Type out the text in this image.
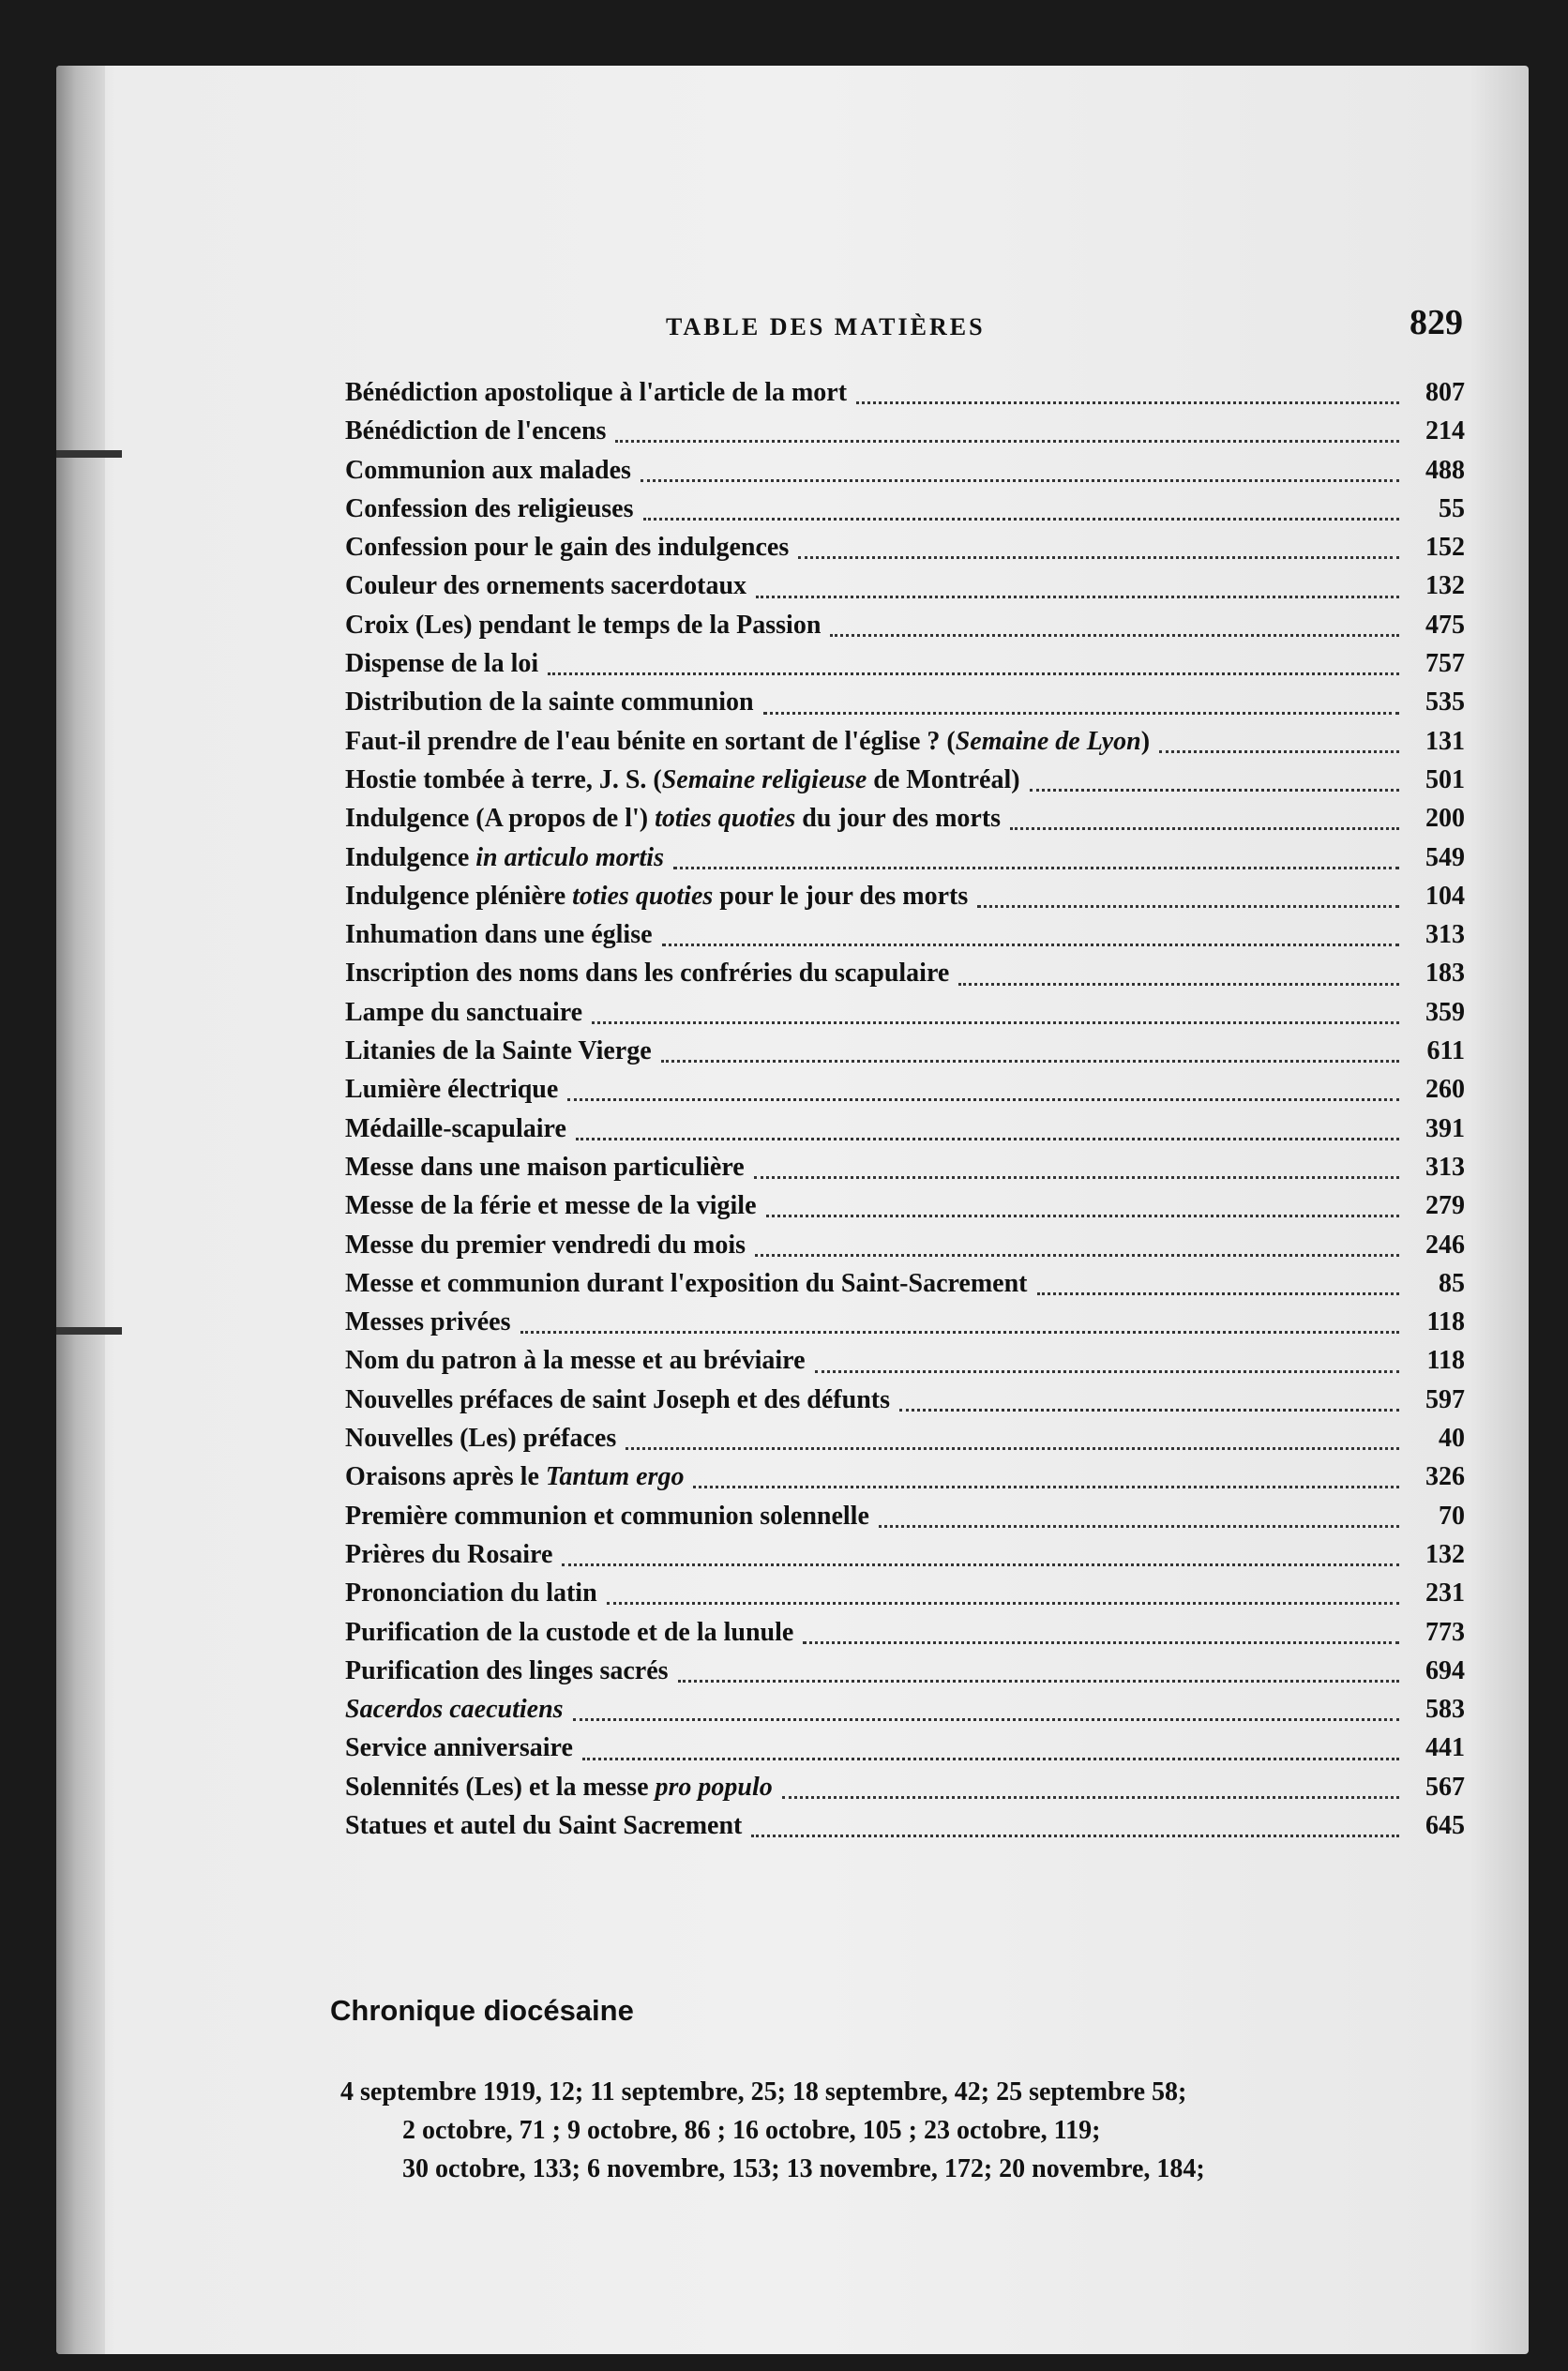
TABLE DES MATIÈRES	829
Bénédiction apostolique à l'article de la mort	807
Bénédiction de l'encens	214
Communion aux malades	488
Confession des religieuses	55
Confession pour le gain des indulgences	152
Couleur des ornements sacerdotaux	132
Croix (Les) pendant le temps de la Passion	475
Dispense de la loi	757
Distribution de la sainte communion	535
Faut-il prendre de l'eau bénite en sortant de l'église ? (Semaine de Lyon)	131
Hostie tombée à terre, J. S. (Semaine religieuse de Montréal)	501
Indulgence (A propos de l') toties quoties du jour des morts	200
Indulgence in articulo mortis	549
Indulgence plénière toties quoties pour le jour des morts	104
Inhumation dans une église	313
Inscription des noms dans les confréries du scapulaire	183
Lampe du sanctuaire	359
Litanies de la Sainte Vierge	611
Lumière électrique	260
Médaille-scapulaire	391
Messe dans une maison particulière	313
Messe de la férie et messe de la vigile	279
Messe du premier vendredi du mois	246
Messe et communion durant l'exposition du Saint-Sacrement	85
Messes privées	118
Nom du patron à la messe et au bréviaire	118
Nouvelles préfaces de saint Joseph et des défunts	597
Nouvelles (Les) préfaces	40
Oraisons après le Tantum ergo	326
Première communion et communion solennelle	70
Prières du Rosaire	132
Prononciation du latin	231
Purification de la custode et de la lunule	773
Purification des linges sacrés	694
Sacerdos caecutiens	583
Service anniversaire	441
Solennités (Les) et la messe pro populo	567
Statues et autel du Saint Sacrement	645
Chronique diocésaine

4 septembre 1919, 12; 11 septembre, 25; 18 septembre, 42; 25 septembre 58;

2 octobre, 71 ; 9 octobre, 86 ; 16 octobre, 105 ; 23 octobre, 119;

30 octobre, 133; 6 novembre, 153; 13 novembre, 172; 20 novembre, 184;
